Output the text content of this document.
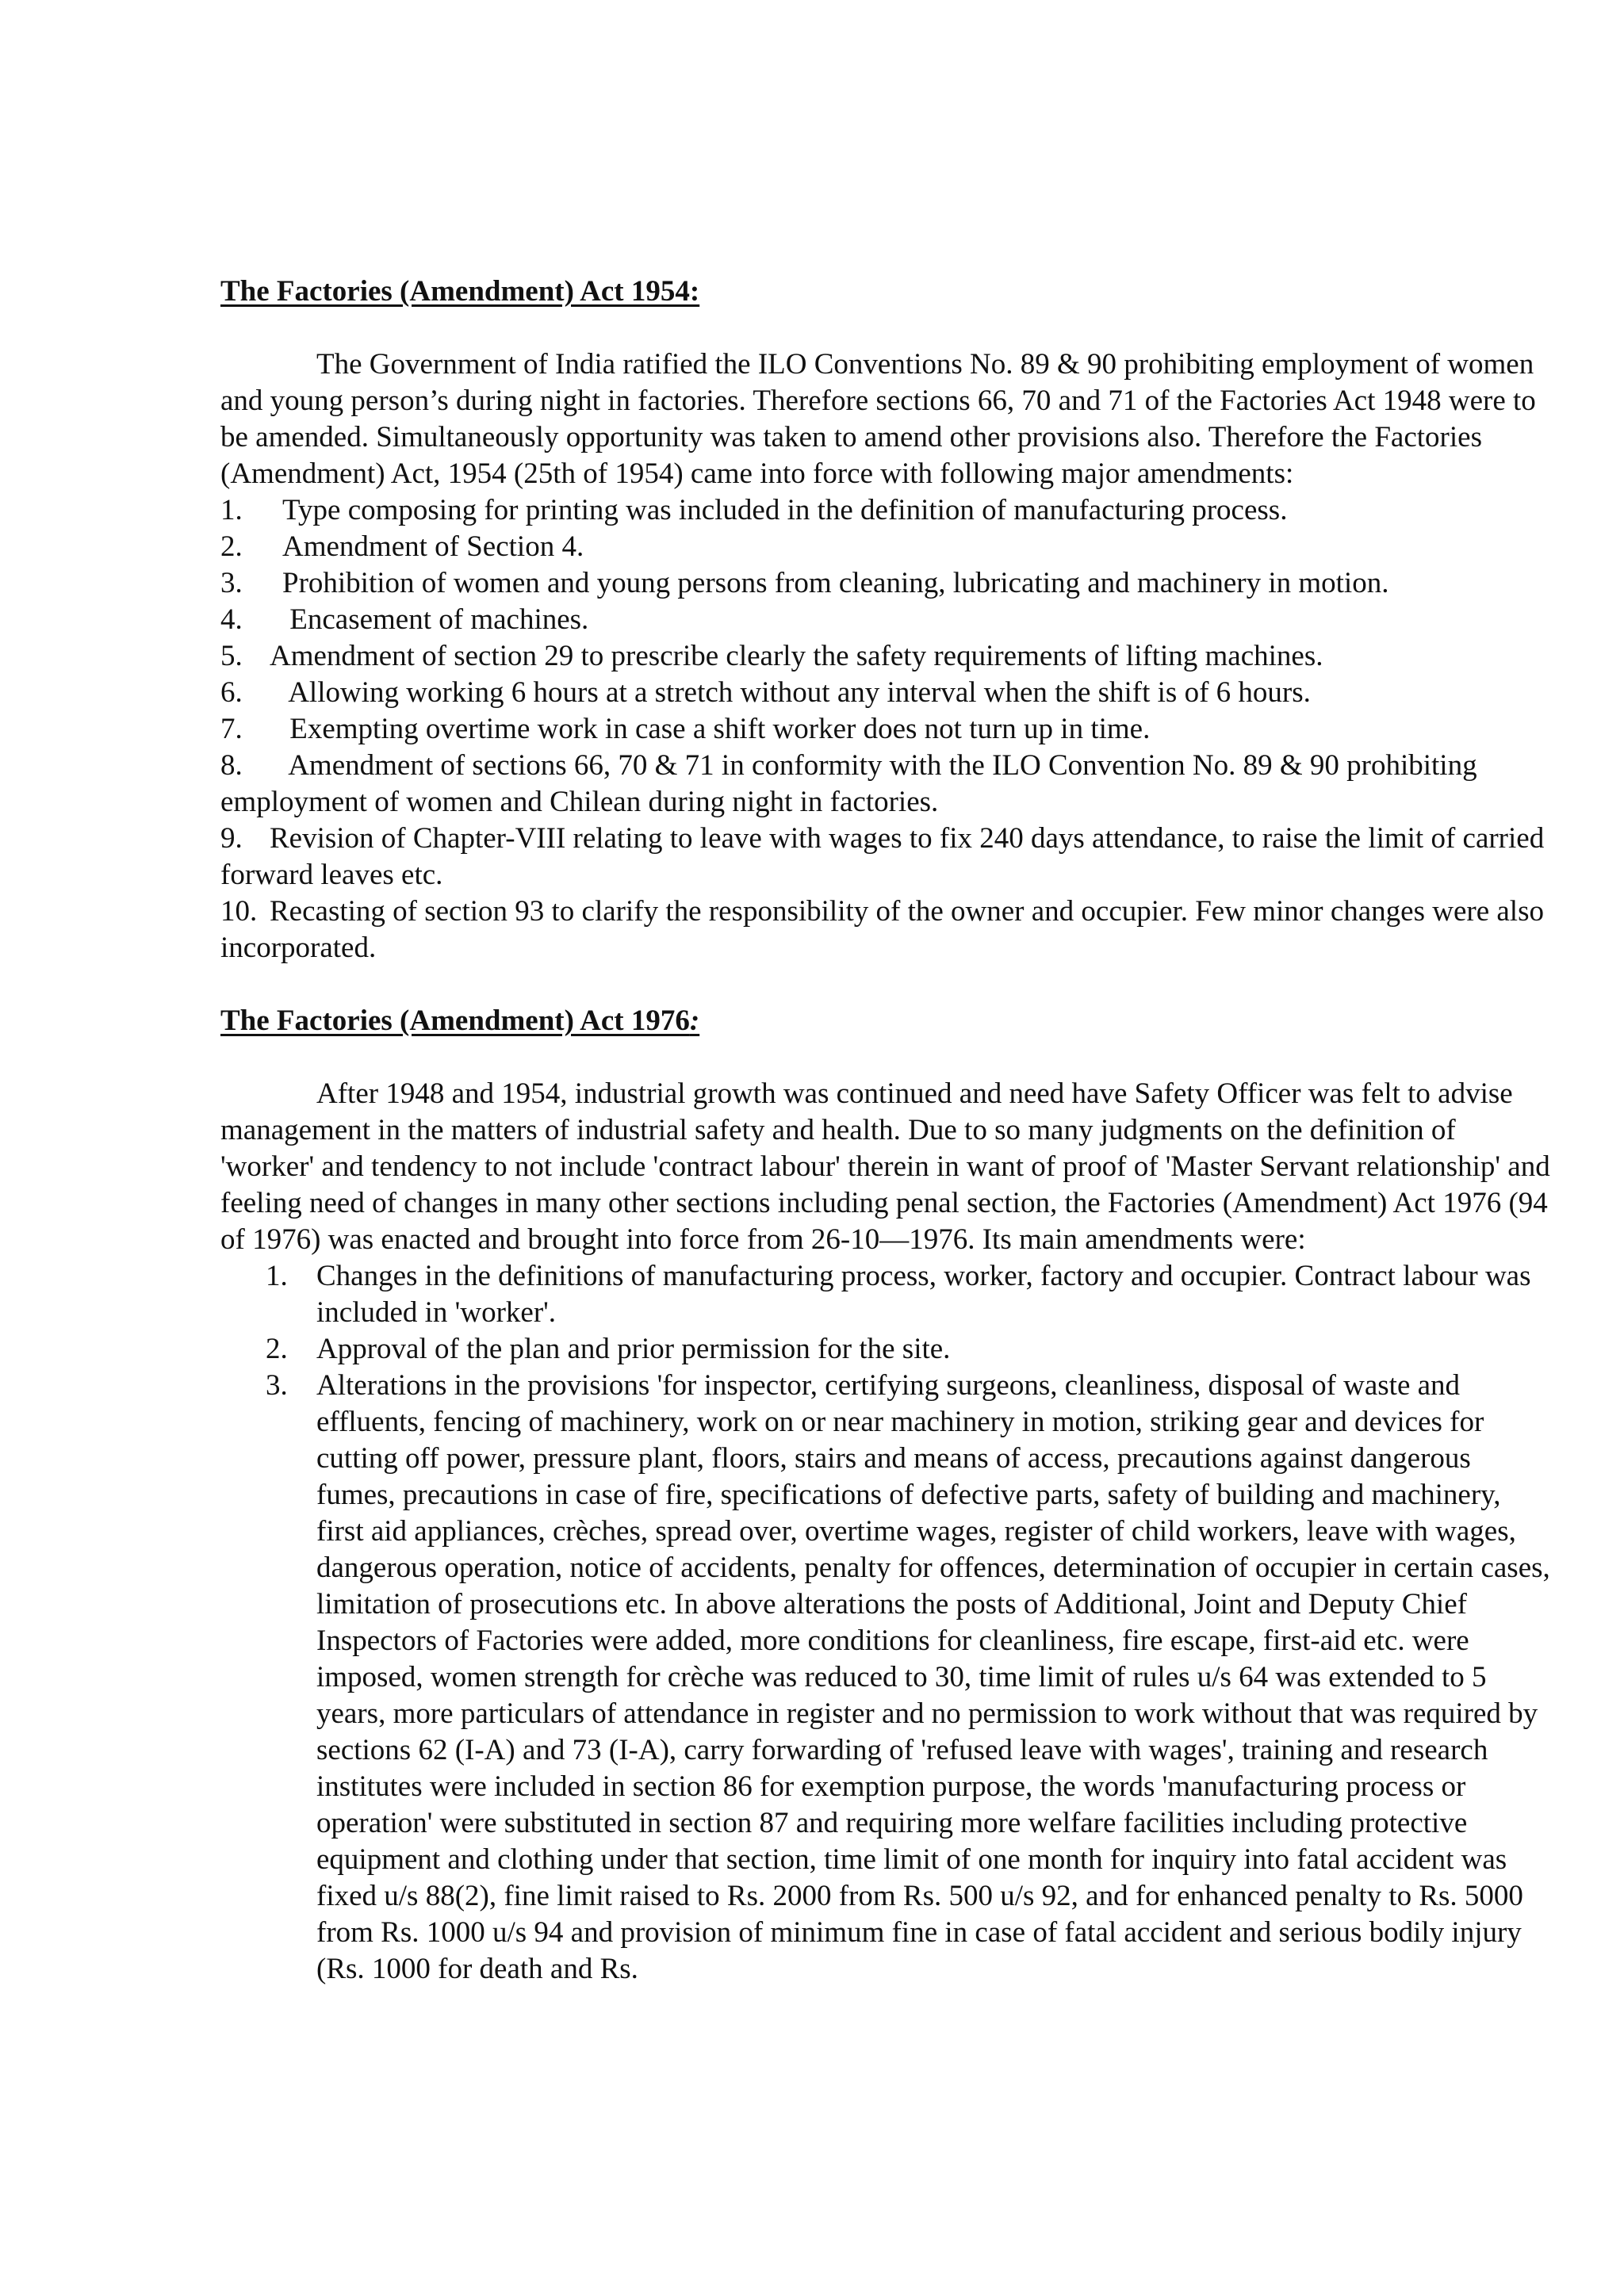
The Factories (Amendment) Act 1954:

The Government of India ratified the ILO Conventions No. 89 & 90 prohibiting employment of women and young person’s during night in factories. Therefore sections 66, 70 and 71 of the Factories Act 1948 were to be amended. Simultaneously opportunity was taken to amend other provisions also. Therefore the Factories (Amendment) Act, 1954 (25th of 1954) came into force with following major amendments:

1. Type composing for printing was included in the definition of manufacturing process.
2. Amendment of Section 4.
3. Prohibition of women and young persons from cleaning, lubricating and machinery in motion.
4. Encasement of machines.
5. Amendment of section 29 to prescribe clearly the safety requirements of lifting machines.
6. Allowing working 6 hours at a stretch without any interval when the shift is of 6 hours.
7. Exempting overtime work in case a shift worker does not turn up in time.
8. Amendment of sections 66, 70 & 71 in conformity with the ILO Convention No. 89 & 90 prohibiting employment of women and Chilean during night in factories.
9. Revision of Chapter-VIII relating to leave with wages to fix 240 days attendance, to raise the limit of carried forward leaves etc.
10. Recasting of section 93 to clarify the responsibility of the owner and occupier. Few minor changes were also incorporated.

The Factories (Amendment) Act 1976:

After 1948 and 1954, industrial growth was continued and need have Safety Officer was felt to advise management in the matters of industrial safety and health. Due to so many judgments on the definition of 'worker' and tendency to not include 'contract labour' therein in want of proof of 'Master Servant relationship' and feeling need of changes in many other sections including penal section, the Factories (Amendment) Act 1976 (94 of 1976) was enacted and brought into force from 26-10—1976. Its main amendments were:

1. Changes in the definitions of manufacturing process, worker, factory and occupier. Contract labour was included in 'worker'.
2. Approval of the plan and prior permission for the site.
3. Alterations in the provisions 'for inspector, certifying surgeons, cleanliness, disposal of waste and effluents, fencing of machinery, work on or near machinery in motion, striking gear and devices for cutting off power, pressure plant, floors, stairs and means of access, precautions against dangerous fumes, precautions in case of fire, specifications of defective parts, safety of building and machinery, first aid appliances, crèches, spread over, overtime wages, register of child workers, leave with wages, dangerous operation, notice of accidents, penalty for offences, determination of occupier in certain cases, limitation of prosecutions etc. In above alterations the posts of Additional, Joint and Deputy Chief Inspectors of Factories were added, more conditions for cleanliness, fire escape, first-aid etc. were imposed, women strength for crèche was reduced to 30, time limit of rules u/s 64 was extended to 5 years, more particulars of attendance in register and no permission to work without that was required by sections 62 (I-A) and 73 (I-A), carry forwarding of 'refused leave with wages', training and research institutes were included in section 86 for exemption purpose, the words 'manufacturing process or operation' were substituted in section 87 and requiring more welfare facilities including protective equipment and clothing under that section, time limit of one month for inquiry into fatal accident was fixed u/s 88(2), fine limit raised to Rs. 2000 from Rs. 500 u/s 92, and for enhanced penalty to Rs. 5000 from Rs. 1000 u/s 94 and provision of minimum fine in case of fatal accident and serious bodily injury (Rs. 1000 for death and Rs.
